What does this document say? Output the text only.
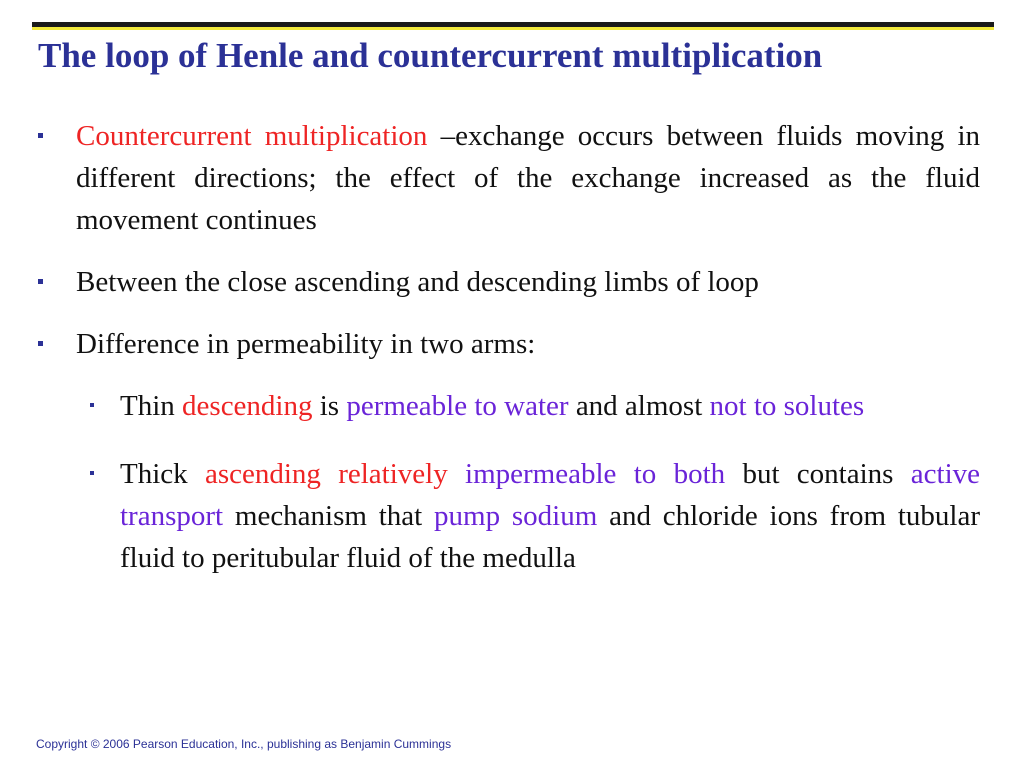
The loop of Henle and countercurrent multiplication
Countercurrent multiplication –exchange occurs between fluids moving in different directions; the effect of the exchange increased as the fluid movement continues
Between the close ascending and descending limbs of loop
Difference in permeability in two arms:
Thin descending is permeable to water and almost not to solutes
Thick ascending relatively impermeable to both but contains active transport mechanism that pump sodium and chloride ions from tubular fluid to peritubular fluid of the medulla
Copyright © 2006 Pearson Education, Inc., publishing as Benjamin Cummings
